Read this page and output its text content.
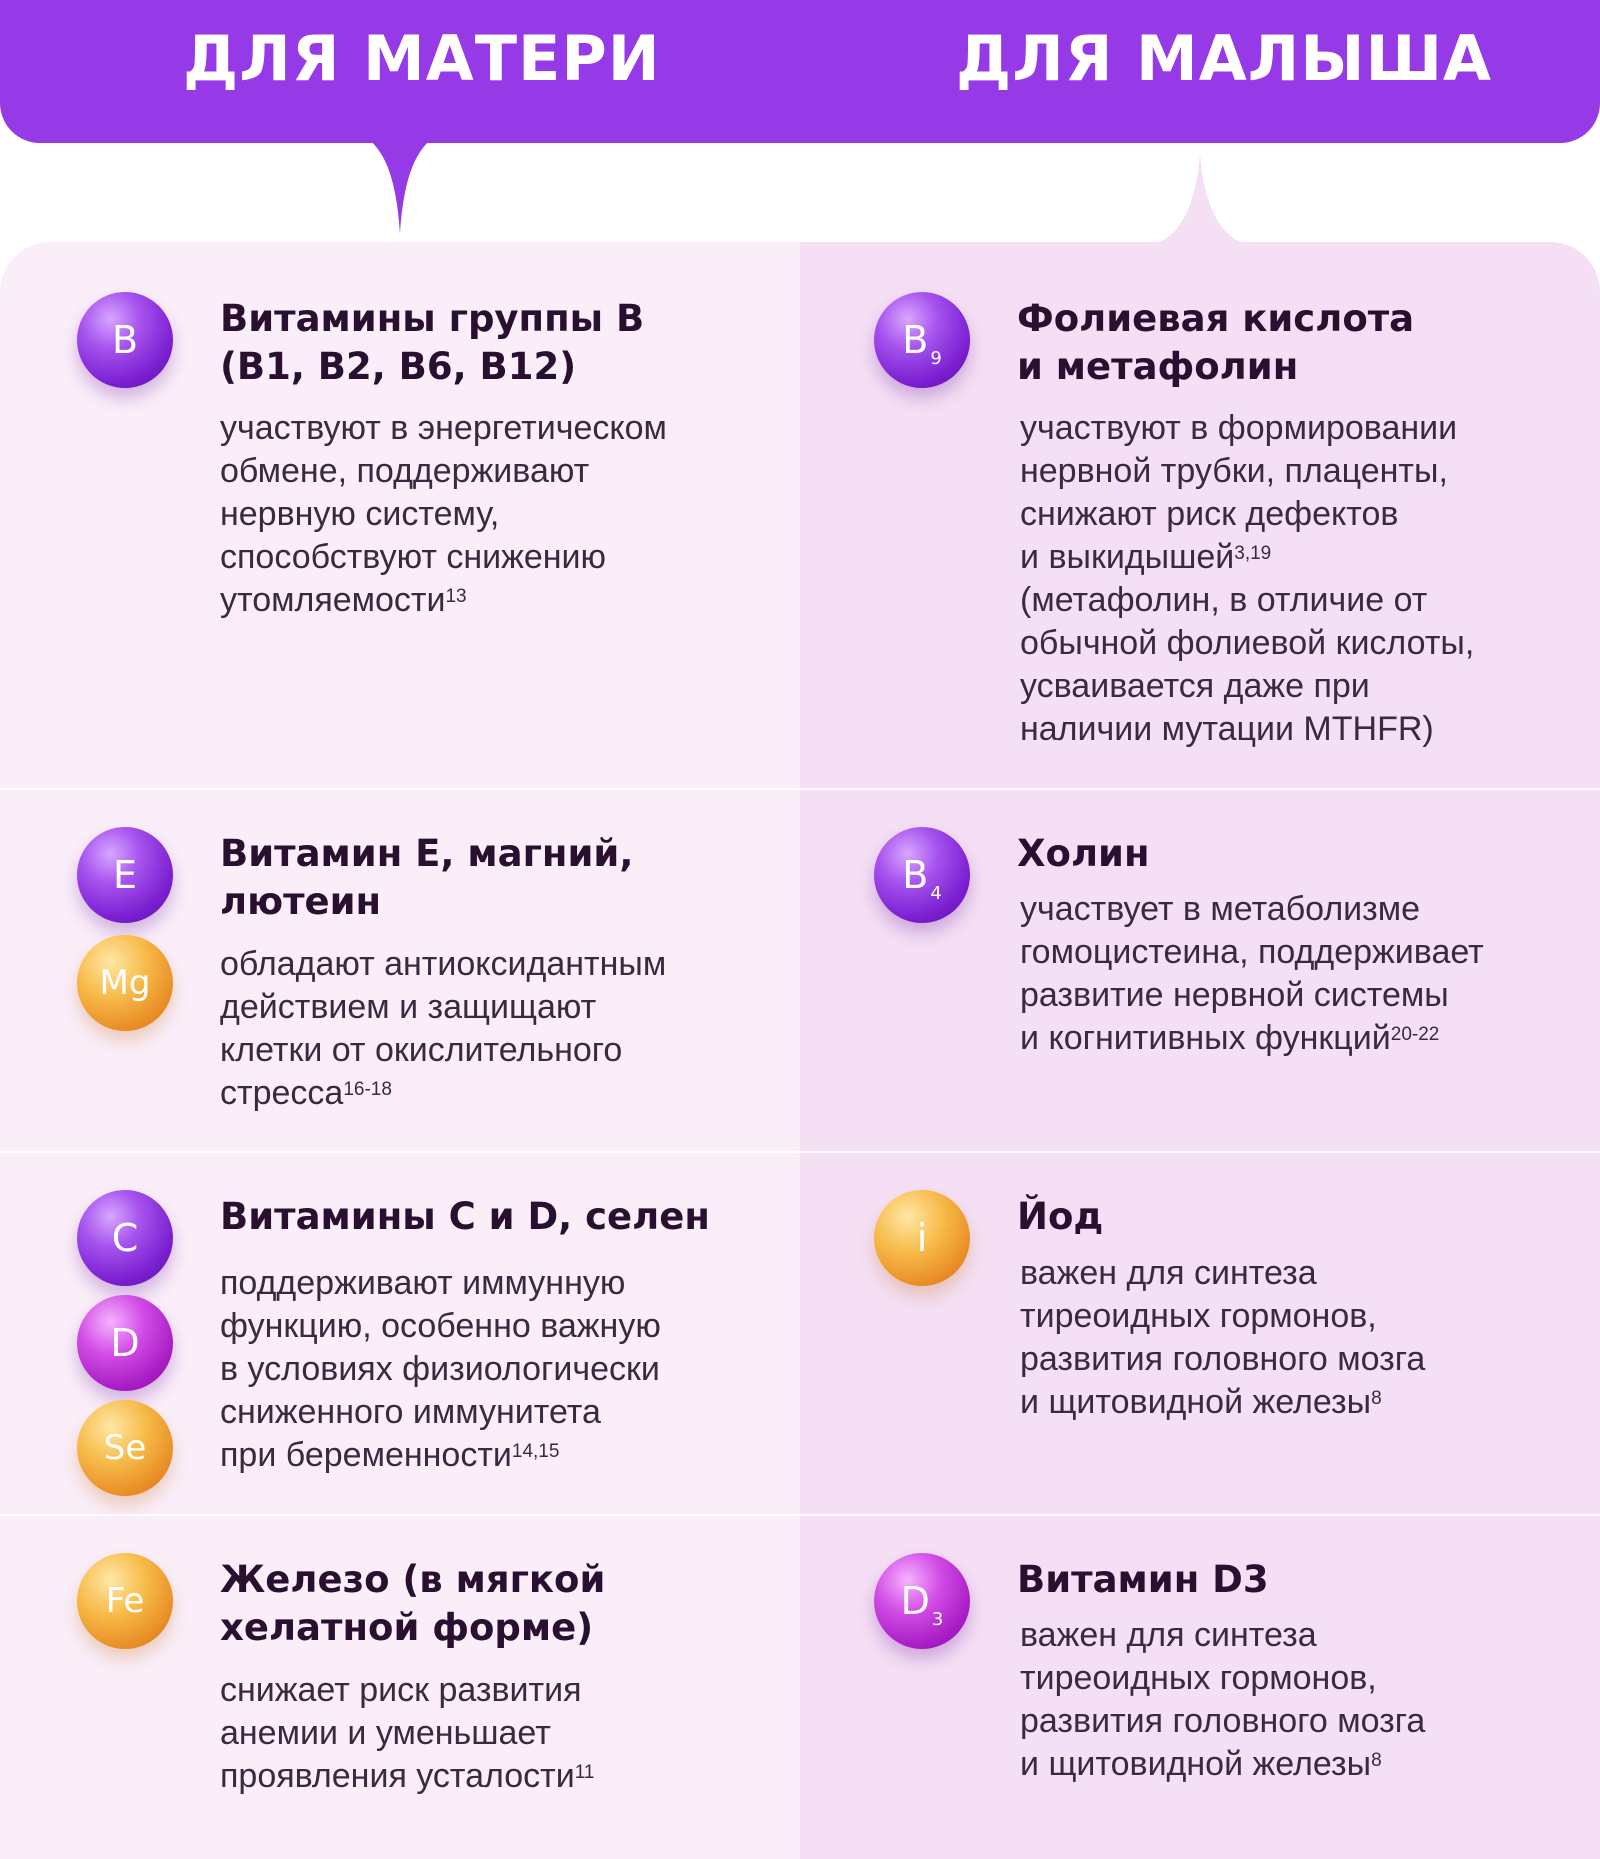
ДЛЯ МАТЕРИ	ДЛЯ МАЛЫША
B Витамины группы B
(B1, B2, B6, B12)
участвуют в энергетическом
обмене, поддерживают
нервную систему,
способствуют снижению
утомляемости$^{13}$
E
Mg
Витамин Е, магний,
лютеин
обладают антиоксидантным
действием и защищают
клетки от окислительного
стресса$^{16-18}$
C
D
Se
Витамины С и D, селен
поддерживают иммунную
функцию, особенно важную
в условиях физиологически
сниженного иммунитета
при беременности$^{14,15}$
Fe Железо (в мягкой
хелатной форме)
снижает риск развития
анемии и уменьшает
проявления усталости$^{11}$
B 9
Фолиевая кислота
и метафолин
участвуют в формировании
нервной трубки, плаценты,
снижают риск дефектов
и выкидышей$^{3,19}$
(метафолин, в отличие от
обычной фолиевой кислоты,
усваивается даже при
наличии мутации MTHFR)
B 4
Холин
участвует в метаболизме
гомоцистеина, поддерживает
развитие нервной системы
и когнитивных функций$^{20-22}$
i Йод
важен для синтеза
тиреоидных гормонов,
развития головного мозга
и щитовидной железы$^8$
D 3
Витамин D3
важен для синтеза
тиреоидных гормонов,
развития головного мозга
и щитовидной железы$^8$
